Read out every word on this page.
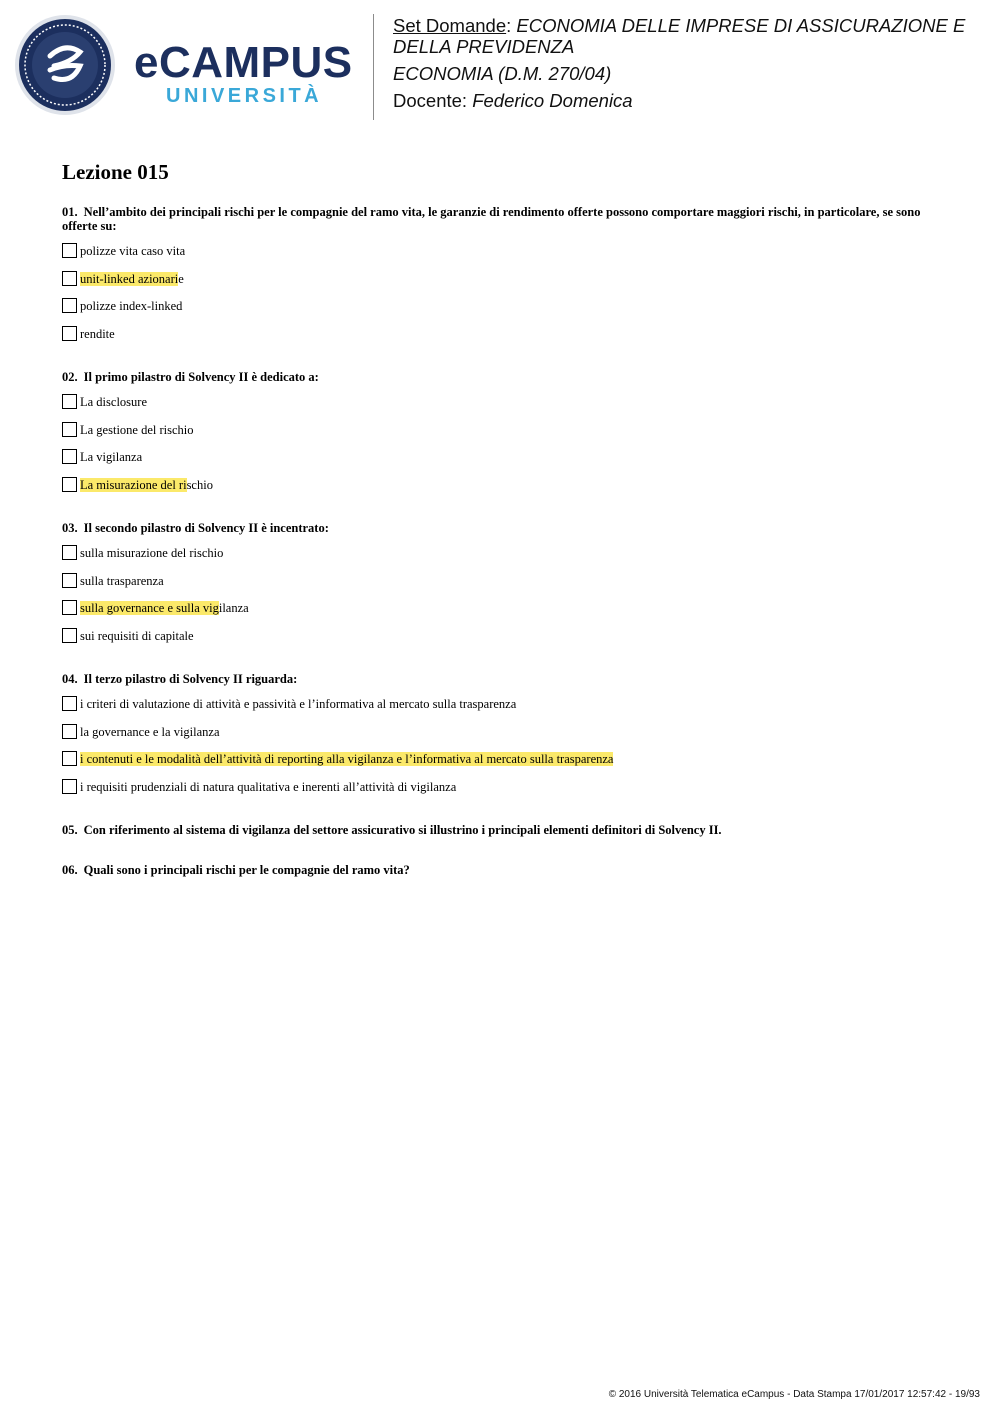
eCAMPUS
UNIVERSITÀ
Set Domande: ECONOMIA DELLE IMPRESE DI ASSICURAZIONE E
DELLA PREVIDENZA
ECONOMIA (D.M. 270/04)
Docente: Federico Domenica
Lezione 015
01. Nell’ambito dei principali rischi per le compagnie del ramo vita, le garanzie di rendimento offerte possono comportare maggiori rischi, in particolare, se sono
offerte su:
polizze vita caso vita
unit-linked azionarie
polizze index-linked
rendite
02. Il primo pilastro di Solvency II è dedicato a:
La disclosure
La gestione del rischio
La vigilanza
La misurazione del rischio
03. Il secondo pilastro di Solvency II è incentrato:
sulla misurazione del rischio
sulla trasparenza
sulla governance e sulla vigilanza
sui requisiti di capitale
04. Il terzo pilastro di Solvency II riguarda:
i criteri di valutazione di attività e passività e l’informativa al mercato sulla trasparenza
la governance e la vigilanza
i contenuti e le modalità dell’attività di reporting alla vigilanza e l’informativa al mercato sulla trasparenza
i requisiti prudenziali di natura qualitativa e inerenti all’attività di vigilanza
05. Con riferimento al sistema di vigilanza del settore assicurativo si illustrino i principali elementi definitori di Solvency II.
06. Quali sono i principali rischi per le compagnie del ramo vita?
© 2016 Università Telematica eCampus - Data Stampa 17/01/2017 12:57:42 - 19/93
